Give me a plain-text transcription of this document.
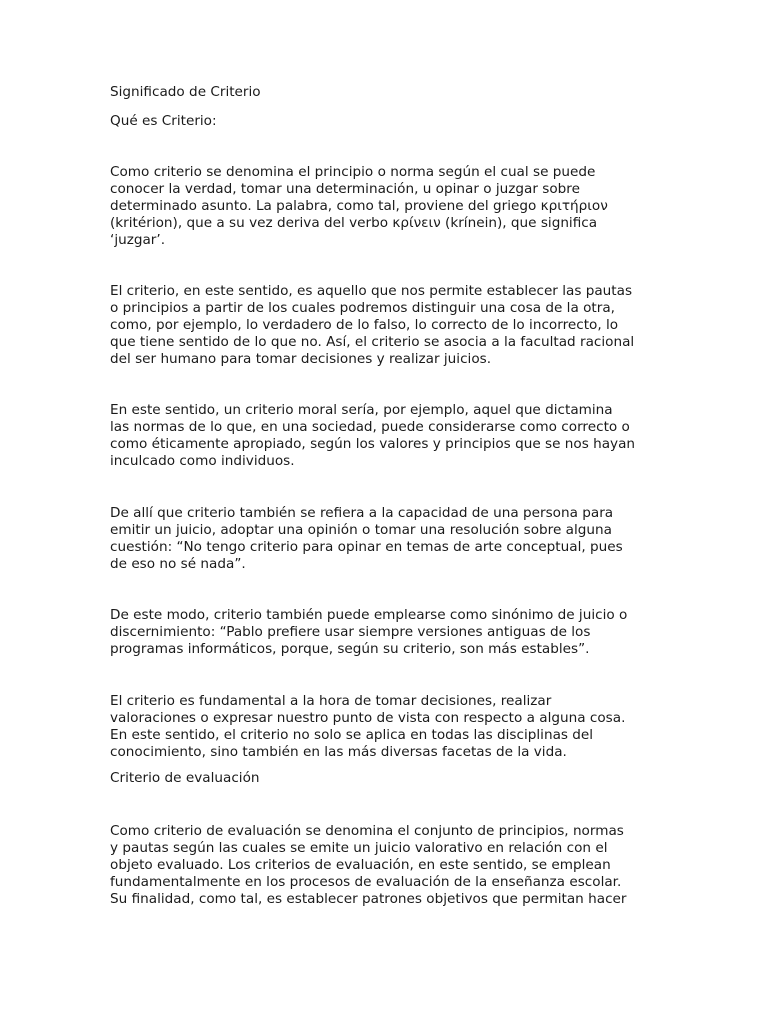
Significado de Criterio
Qué es Criterio:
Como criterio se denomina el principio o norma según el cual se puede
conocer la verdad, tomar una determinación, u opinar o juzgar sobre
determinado asunto. La palabra, como tal, proviene del griego κριτήριον
(kritérion), que a su vez deriva del verbo κρίνειν (krínein), que significa
‘juzgar’.
El criterio, en este sentido, es aquello que nos permite establecer las pautas
o principios a partir de los cuales podremos distinguir una cosa de la otra,
como, por ejemplo, lo verdadero de lo falso, lo correcto de lo incorrecto, lo
que tiene sentido de lo que no. Así, el criterio se asocia a la facultad racional
del ser humano para tomar decisiones y realizar juicios.
En este sentido, un criterio moral sería, por ejemplo, aquel que dictamina
las normas de lo que, en una sociedad, puede considerarse como correcto o
como éticamente apropiado, según los valores y principios que se nos hayan
inculcado como individuos.
De allí que criterio también se refiera a la capacidad de una persona para
emitir un juicio, adoptar una opinión o tomar una resolución sobre alguna
cuestión: “No tengo criterio para opinar en temas de arte conceptual, pues
de eso no sé nada”.
De este modo, criterio también puede emplearse como sinónimo de juicio o
discernimiento: “Pablo prefiere usar siempre versiones antiguas de los
programas informáticos, porque, según su criterio, son más estables”.
El criterio es fundamental a la hora de tomar decisiones, realizar
valoraciones o expresar nuestro punto de vista con respecto a alguna cosa.
En este sentido, el criterio no solo se aplica en todas las disciplinas del
conocimiento, sino también en las más diversas facetas de la vida.
Criterio de evaluación
Como criterio de evaluación se denomina el conjunto de principios, normas
y pautas según las cuales se emite un juicio valorativo en relación con el
objeto evaluado. Los criterios de evaluación, en este sentido, se emplean
fundamentalmente en los procesos de evaluación de la enseñanza escolar.
Su finalidad, como tal, es establecer patrones objetivos que permitan hacer
